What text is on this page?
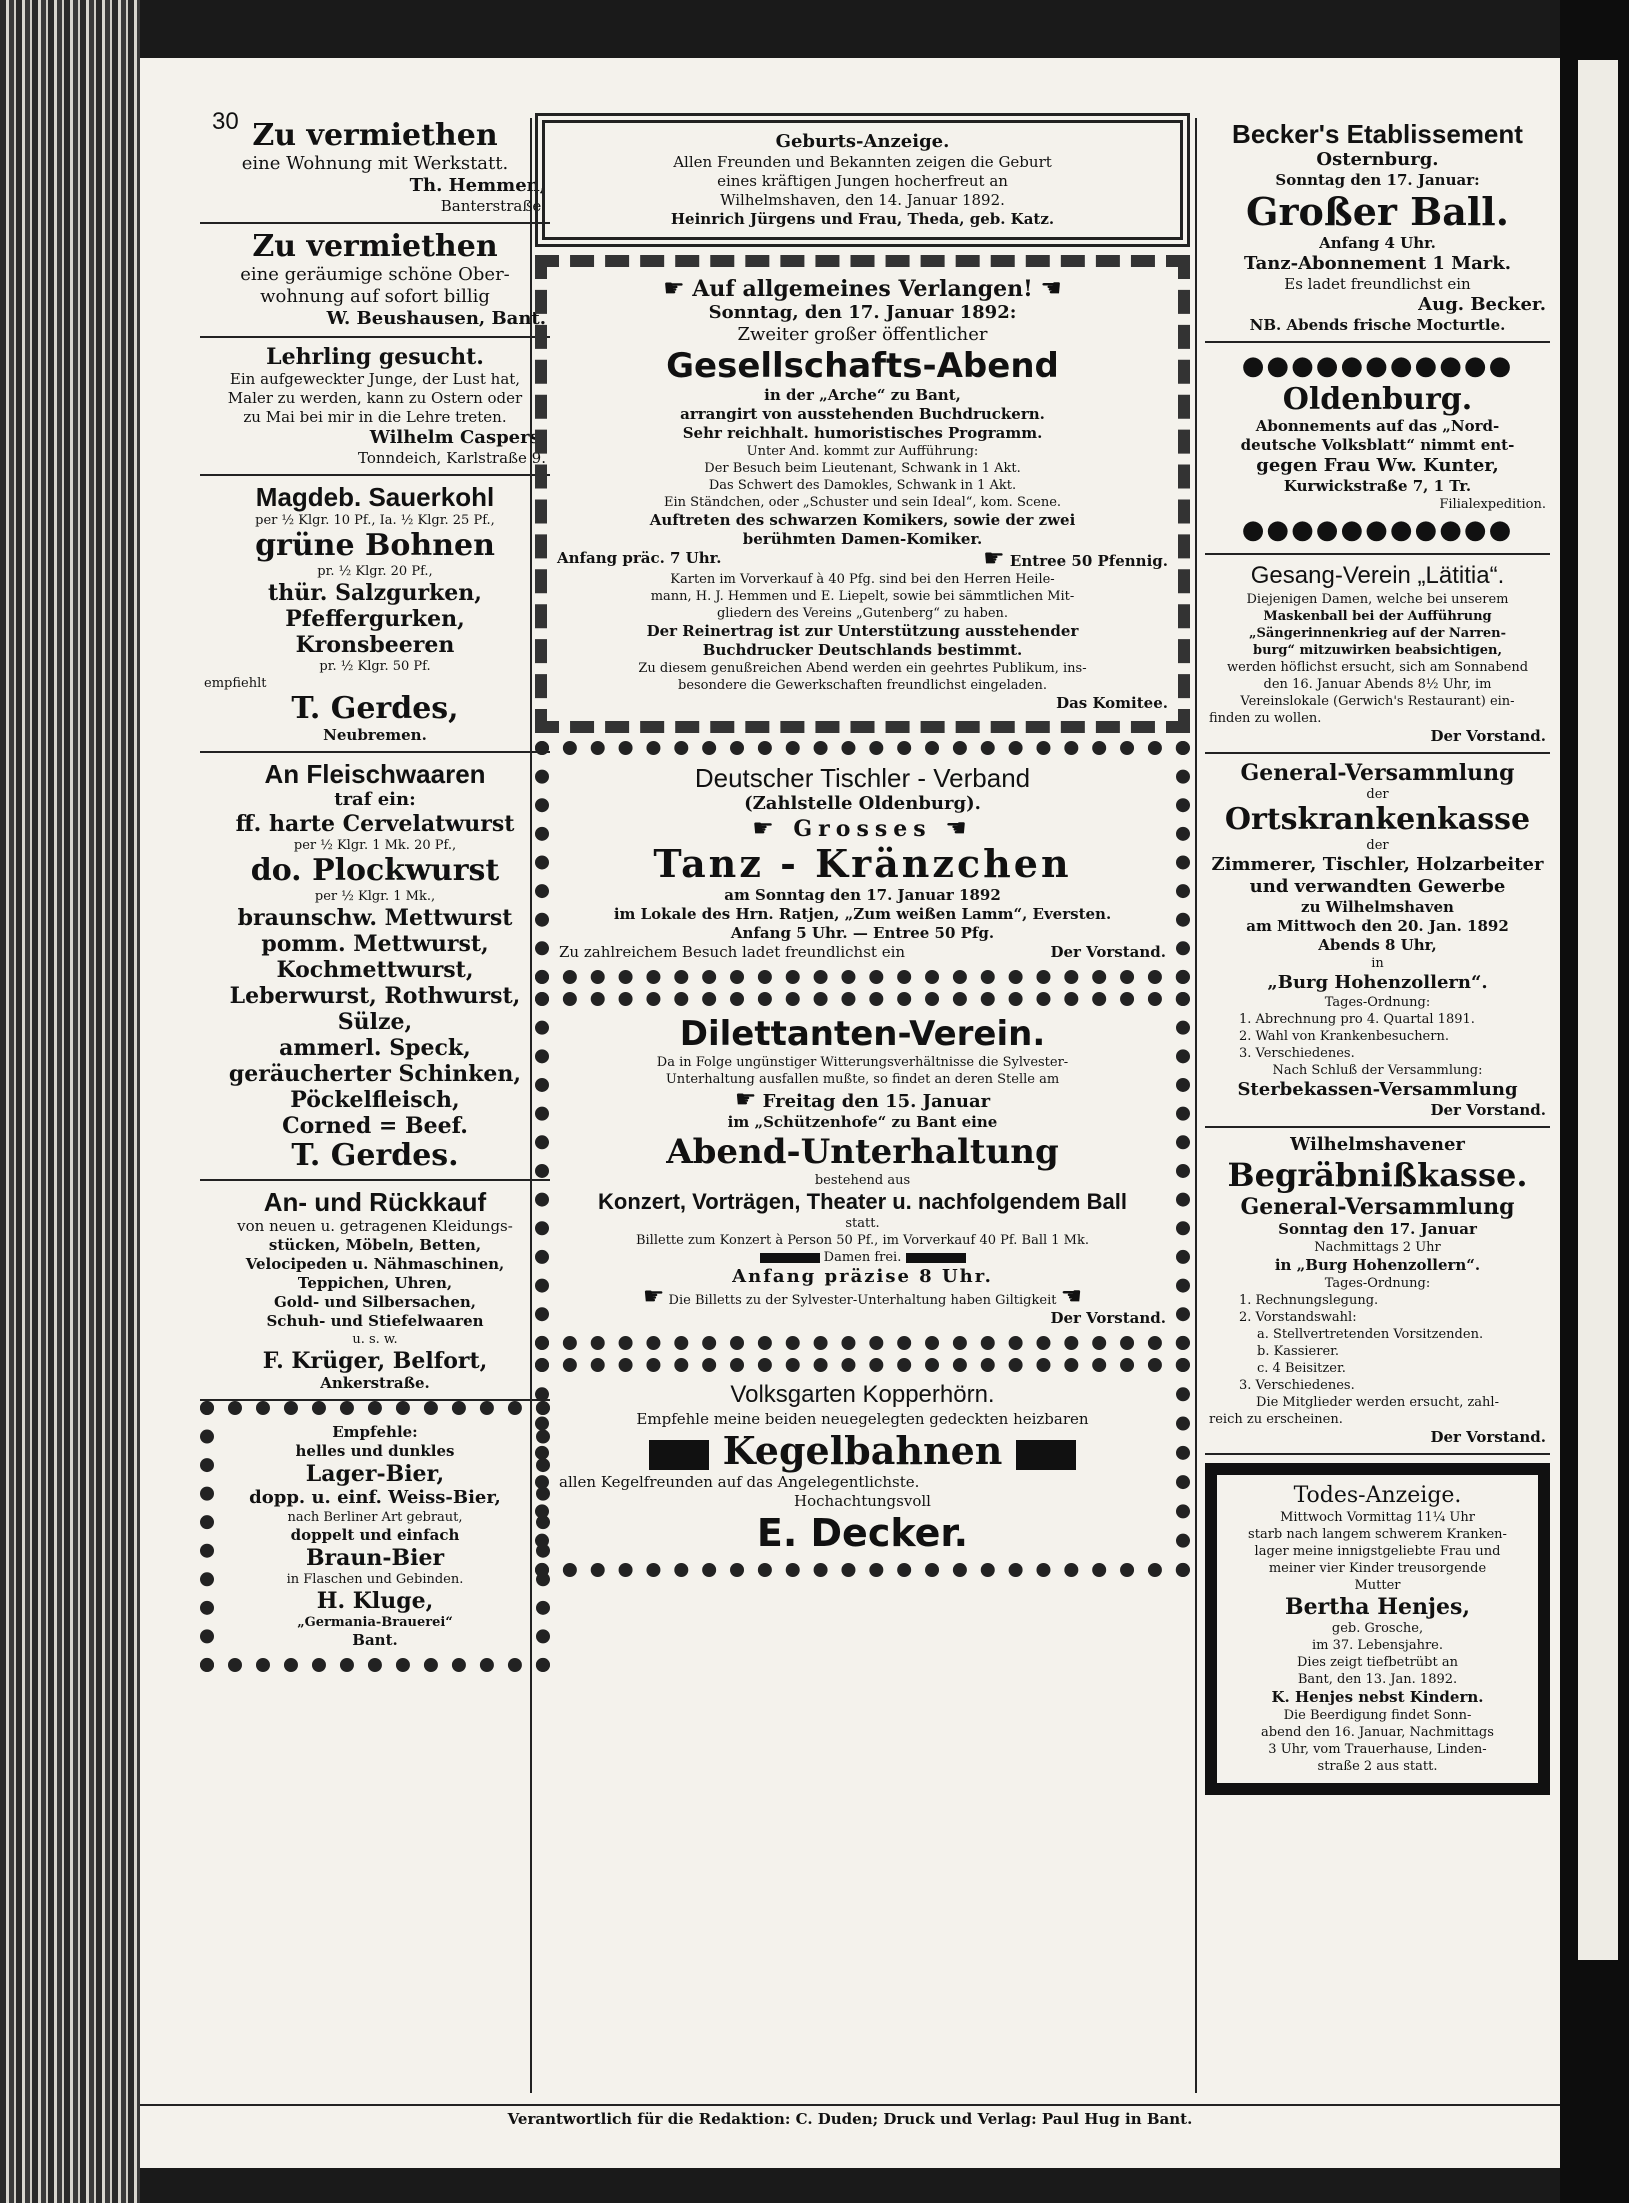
30 Zu vermiethen

eine Wohnung mit Werkstatt.

Th. Hemmen,

Banterstraße.

Zu vermiethen

eine geräumige schöne Ober-

wohnung auf sofort billig

W. Beushausen, Bant.

Lehrling gesucht.

Ein aufgeweckter Junge, der Lust hat,

Maler zu werden, kann zu Ostern oder

zu Mai bei mir in die Lehre treten.

Wilhelm Caspers,

Tonndeich, Karlstraße 9.

Magdeb. Sauerkohl

per ½ Klgr. 10 Pf., Ia. ½ Klgr. 25 Pf.,

grüne Bohnen

pr. ½ Klgr. 20 Pf.,

thür. Salzgurken,

Pfeffergurken,

Kronsbeeren

pr. ½ Klgr. 50 Pf.

empfiehlt

T. Gerdes,

Neubremen.

An Fleischwaaren

traf ein:

ff. harte Cervelatwurst

per ½ Klgr. 1 Mk. 20 Pf.,

do. Plockwurst

per ½ Klgr. 1 Mk.,

braunschw. Mettwurst

pomm. Mettwurst,

Kochmettwurst,

Leberwurst, Rothwurst,

Sülze,

ammerl. Speck,

geräucherter Schinken,

Pöckelfleisch,

Corned = Beef.

T. Gerdes.

An- und Rückkauf

von neuen u. getragenen Kleidungs-

stücken, Möbeln, Betten,

Velocipeden u. Nähmaschinen,

Teppichen, Uhren,

Gold- und Silbersachen,

Schuh- und Stiefelwaaren

u. s. w.

F. Krüger, Belfort,

Ankerstraße.

Empfehle:

helles und dunkles

Lager-Bier,

dopp. u. einf. Weiss-Bier,

nach Berliner Art gebraut,

doppelt und einfach

Braun-Bier

in Flaschen und Gebinden.

H. Kluge,

„Germania-Brauerei“

Bant.

Geburts-Anzeige.

Allen Freunden und Bekannten zeigen die Geburt

eines kräftigen Jungen hocherfreut an

Wilhelmshaven, den 14. Januar 1892.

Heinrich Jürgens und Frau, Theda, geb. Katz.

☛ Auf allgemeines Verlangen! ☚

Sonntag, den 17. Januar 1892:

Zweiter großer öffentlicher

Gesellschafts-Abend

in der „Arche“ zu Bant,

arrangirt von ausstehenden Buchdruckern.

Sehr reichhalt. humoristisches Programm.

Unter And. kommt zur Aufführung:

Der Besuch beim Lieutenant, Schwank in 1 Akt.

Das Schwert des Damokles, Schwank in 1 Akt.

Ein Ständchen, oder „Schuster und sein Ideal“, kom. Scene.

Auftreten des schwarzen Komikers, sowie der zwei

berühmten Damen-Komiker.

Anfang präc. 7 Uhr.	☛ Entree 50 Pfennig.

Karten im Vorverkauf à 40 Pfg. sind bei den Herren Heile-

mann, H. J. Hemmen und E. Liepelt, sowie bei sämmtlichen Mit-

gliedern des Vereins „Gutenberg“ zu haben.

Der Reinertrag ist zur Unterstützung ausstehender

Buchdrucker Deutschlands bestimmt.

Zu diesem genußreichen Abend werden ein geehrtes Publikum, ins-

besondere die Gewerkschaften freundlichst eingeladen.

Das Komitee.

Deutscher Tischler - Verband

(Zahlstelle Oldenburg).

☛ Grosses ☚

Tanz - Kränzchen

am Sonntag den 17. Januar 1892

im Lokale des Hrn. Ratjen, „Zum weißen Lamm“, Eversten.

Anfang 5 Uhr. — Entree 50 Pfg.

Zu zahlreichem Besuch ladet freundlichst ein	Der Vorstand.

Dilettanten-Verein.

Da in Folge ungünstiger Witterungsverhältnisse die Sylvester-

Unterhaltung ausfallen mußte, so findet an deren Stelle am

☛ Freitag den 15. Januar

im „Schützenhofe“ zu Bant eine

Abend-Unterhaltung

bestehend aus

Konzert, Vorträgen, Theater u. nachfolgendem Ball

statt.

Billette zum Konzert à Person 50 Pf., im Vorverkauf 40 Pf. Ball 1 Mk.

Damen frei.

Anfang präzise 8 Uhr.

☛ Die Billetts zu der Sylvester-Unterhaltung haben Giltigkeit ☚

Der Vorstand.

Volksgarten Kopperhörn.

Empfehle meine beiden neuegelegten gedeckten heizbaren

Kegelbahnen

allen Kegelfreunden auf das Angelegentlichste.

Hochachtungsvoll

E. Decker.

Becker's Etablissement

Osternburg.

Sonntag den 17. Januar:

Großer Ball.

Anfang 4 Uhr.

Tanz-Abonnement 1 Mark.

Es ladet freundlichst ein

Aug. Becker.

NB. Abends frische Mocturtle.

●●●●●●●●●●●

Oldenburg.

Abonnements auf das „Nord-

deutsche Volksblatt“ nimmt ent-

gegen Frau Ww. Kunter,

Kurwickstraße 7, 1 Tr.

Filialexpedition.

●●●●●●●●●●●

Gesang-Verein „Lätitia“.

Diejenigen Damen, welche bei unserem

Maskenball bei der Aufführung

„Sängerinnenkrieg auf der Narren-

burg“ mitzuwirken beabsichtigen,

werden höflichst ersucht, sich am Sonnabend

den 16. Januar Abends 8½ Uhr, im

Vereinslokale (Gerwich's Restaurant) ein-

finden zu wollen.

Der Vorstand.

General-Versammlung

der

Ortskrankenkasse

der

Zimmerer, Tischler, Holzarbeiter

und verwandten Gewerbe

zu Wilhelmshaven

am Mittwoch den 20. Jan. 1892

Abends 8 Uhr,

in

„Burg Hohenzollern“.

Tages-Ordnung:

1. Abrechnung pro 4. Quartal 1891.

2. Wahl von Krankenbesuchern.

3. Verschiedenes.

Nach Schluß der Versammlung:

Sterbekassen-Versammlung

Der Vorstand.

Wilhelmshavener

Begräbnißkasse.

General-Versammlung

Sonntag den 17. Januar

Nachmittags 2 Uhr

in „Burg Hohenzollern“.

Tages-Ordnung:

1. Rechnungslegung.

2. Vorstandswahl:

a. Stellvertretenden Vorsitzenden.

b. Kassierer.

c. 4 Beisitzer.

3. Verschiedenes.

Die Mitglieder werden ersucht, zahl-

reich zu erscheinen.

Der Vorstand.

Todes-Anzeige.

Mittwoch Vormittag 11¼ Uhr

starb nach langem schwerem Kranken-

lager meine innigstgeliebte Frau und

meiner vier Kinder treusorgende

Mutter

Bertha Henjes,

geb. Grosche,

im 37. Lebensjahre.

Dies zeigt tiefbetrübt an

Bant, den 13. Jan. 1892.

K. Henjes nebst Kindern.

Die Beerdigung findet Sonn-

abend den 16. Januar, Nachmittags

3 Uhr, vom Trauerhause, Linden-

straße 2 aus statt.

Verantwortlich für die Redaktion: C. Duden; Druck und Verlag: Paul Hug in Bant.
